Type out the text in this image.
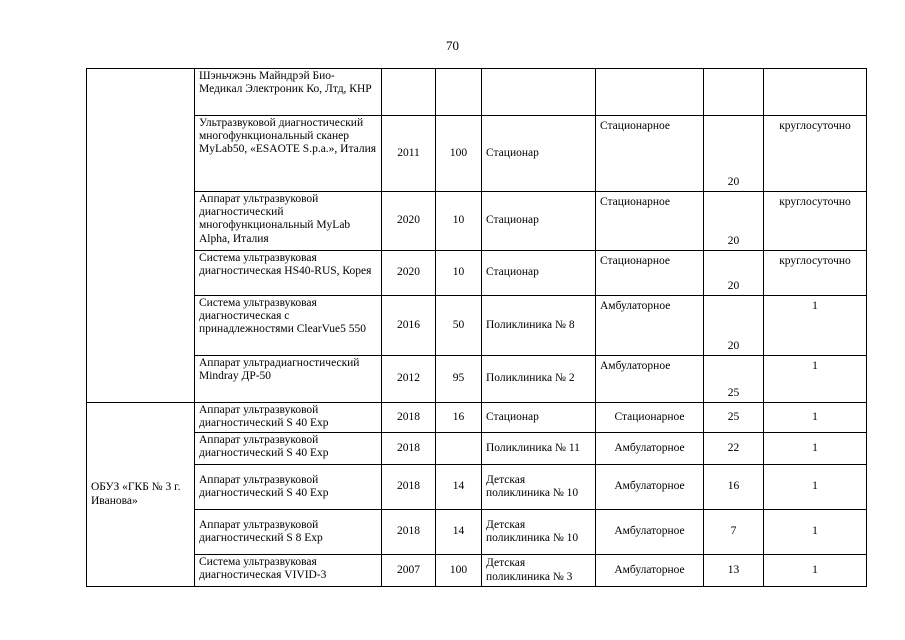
70
	Шэньчжэнь Майндрэй Био-Медикал Электроник Ко, Лтд, КНР						
	Ультразвуковой диагностический многофункциональный сканер MyLab50, «ESAOTE S.p.a.», Италия	2011	100	Стационар	Стационарное	20	круглосуточно
	Аппарат ультразвуковой диагностический многофункциональный MyLab Alpha, Италия	2020	10	Стационар	Стационарное	20	круглосуточно
	Система ультразвуковая диагностическая HS40-RUS, Корея	2020	10	Стационар	Стационарное	20	круглосуточно
	Система ультразвуковая диагностическая с принадлежностями ClearVue5 550	2016	50	Поликлиника № 8	Амбулаторное	20	1
	Аппарат ультрадиагностический Mindray ДР-50	2012	95	Поликлиника № 2	Амбулаторное	25	1
ОБУЗ «ГКБ № 3 г. Иванова»	Аппарат ультразвуковой диагностический S 40 Exp	2018	16	Стационар	Стационарное	25	1
	Аппарат ультразвуковой диагностический S 40 Exp	2018		Поликлиника № 11	Амбулаторное	22	1
	Аппарат ультразвуковой диагностический S 40 Exp	2018	14	Детская поликлиника № 10	Амбулаторное	16	1
	Аппарат ультразвуковой диагностический S 8 Exp	2018	14	Детская поликлиника № 10	Амбулаторное	7	1
	Система ультразвуковая диагностическая VIVID-3	2007	100	Детская поликлиника № 3	Амбулаторное	13	1
